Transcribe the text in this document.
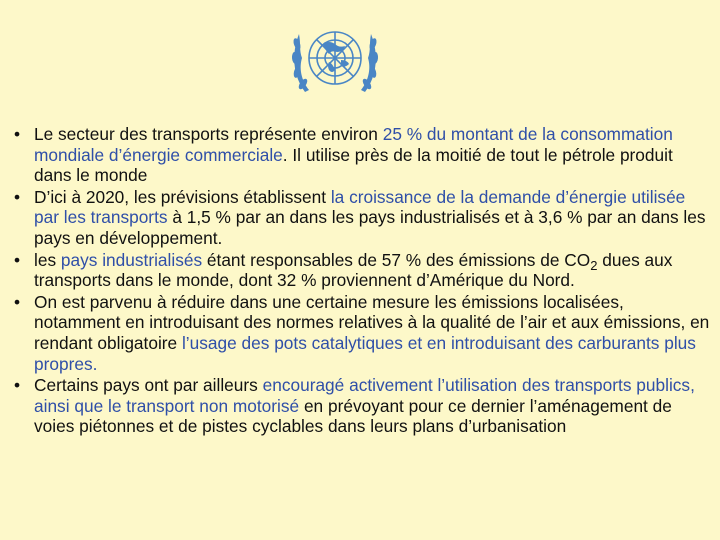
• Le secteur des transports représente environ 25 % du montant de la consommation mondiale d’énergie commerciale. Il utilise près de la moitié de tout le pétrole produit dans le monde
• D’ici à 2020, les prévisions établissent la croissance de la demande d’énergie utilisée par les transports à 1,5 % par an dans les pays industrialisés et à 3,6 % par an dans les pays en développement.
• les pays industrialisés étant responsables de 57 % des émissions de $CO_2$ dues aux transports dans le monde, dont 32 % proviennent d’Amérique du Nord.
• On est parvenu à réduire dans une certaine mesure les émissions localisées, notamment en introduisant des normes relatives à la qualité de l’air et aux émissions, en rendant obligatoire l’usage des pots catalytiques et en introduisant des carburants plus propres.
• Certains pays ont par ailleurs encouragé activement l’utilisation des transports publics, ainsi que le transport non motorisé en prévoyant pour ce dernier l’aménagement de voies piétonnes et de pistes cyclables dans leurs plans d’urbanisation
